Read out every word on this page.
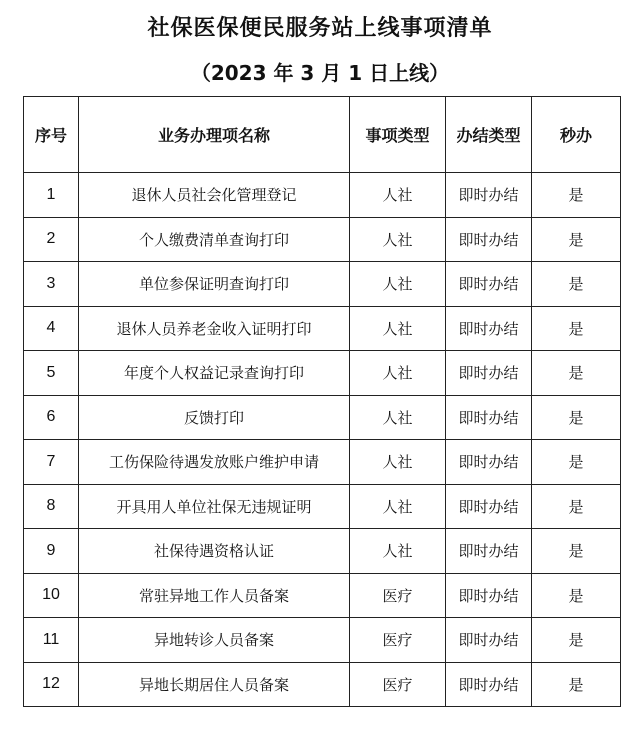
社保医保便民服务站上线事项清单
（2023 年 3 月 1 日上线）
序号	业务办理项名称	事项类型	办结类型	秒办
1	退休人员社会化管理登记	人社	即时办结	是
2	个人缴费清单查询打印	人社	即时办结	是
3	单位参保证明查询打印	人社	即时办结	是
4	退休人员养老金收入证明打印	人社	即时办结	是
5	年度个人权益记录查询打印	人社	即时办结	是
6	反馈打印	人社	即时办结	是
7	工伤保险待遇发放账户维护申请	人社	即时办结	是
8	开具用人单位社保无违规证明	人社	即时办结	是
9	社保待遇资格认证	人社	即时办结	是
10	常驻异地工作人员备案	医疗	即时办结	是
11	异地转诊人员备案	医疗	即时办结	是
12	异地长期居住人员备案	医疗	即时办结	是
